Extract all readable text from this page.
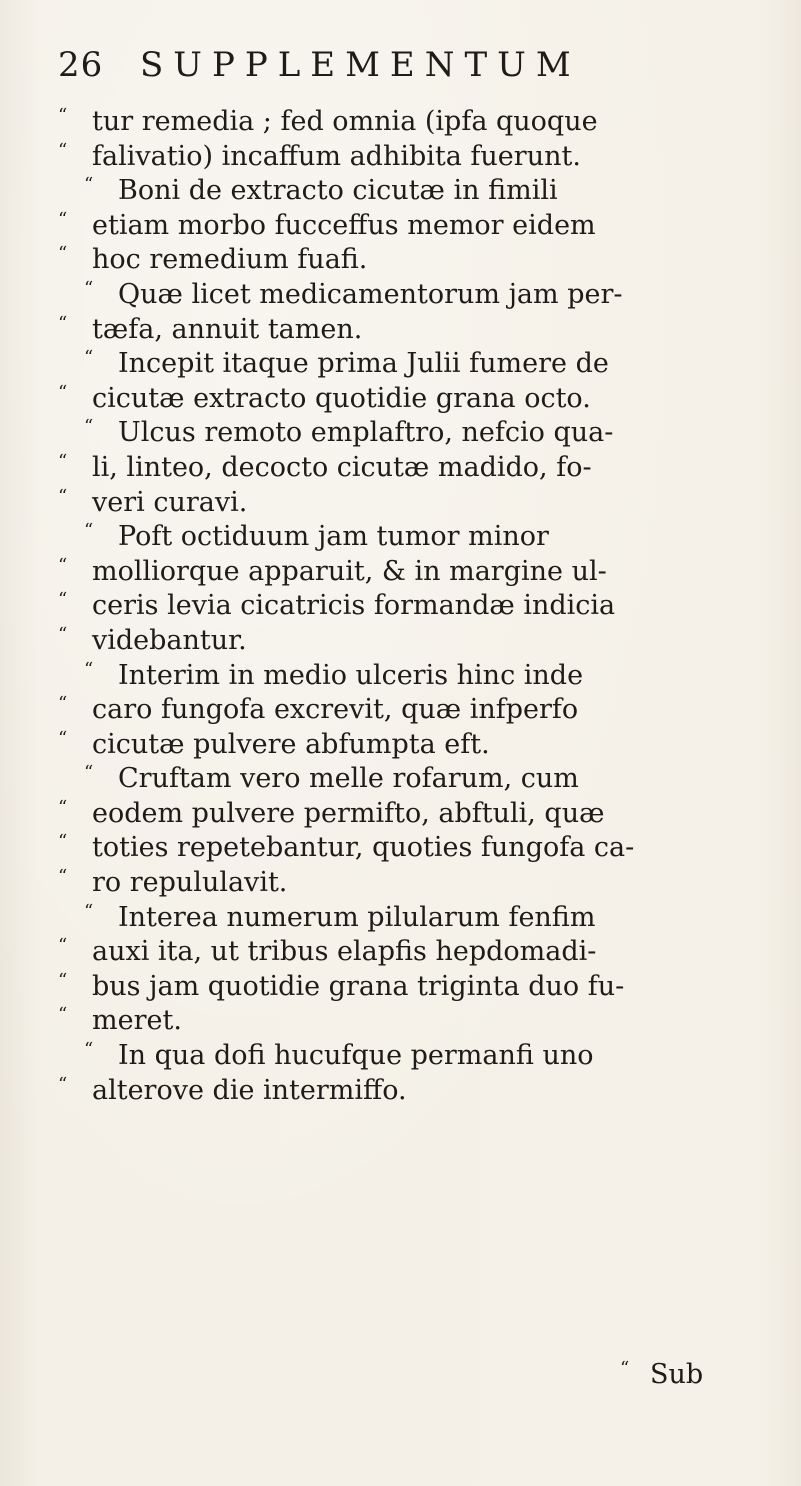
26 SUPPLEMENTUM
“ tur remedia ; fed omnia (ipfa quoque
“ falivatio) incaffum adhibita fuerunt.
“ Boni de extracto cicutæ in fimili
“ etiam morbo fucceffus memor eidem
“ hoc remedium fuafi.
“ Quæ licet medicamentorum jam per-
“ tæfa, annuit tamen.
“ Incepit itaque prima Julii fumere de
“ cicutæ extracto quotidie grana octo.
“ Ulcus remoto emplaftro, nefcio qua-
“ li, linteo, decocto cicutæ madido, fo-
“ veri curavi.
“ Poft octiduum jam tumor minor
“ molliorque apparuit, & in margine ul-
“ ceris levia cicatricis formandæ indicia
“ videbantur.
“ Interim in medio ulceris hinc inde
“ caro fungofa excrevit, quæ infperfo
“ cicutæ pulvere abfumpta eft.
“ Cruftam vero melle rofarum, cum
“ eodem pulvere permifto, abftuli, quæ
“ toties repetebantur, quoties fungofa ca-
“ ro repululavit.
“ Interea numerum pilularum fenfim
“ auxi ita, ut tribus elapfis hepdomadi-
“ bus jam quotidie grana triginta duo fu-
“ meret.
“ In qua dofi hucufque permanfi uno
“ alterove die intermiffo.
“ Sub
